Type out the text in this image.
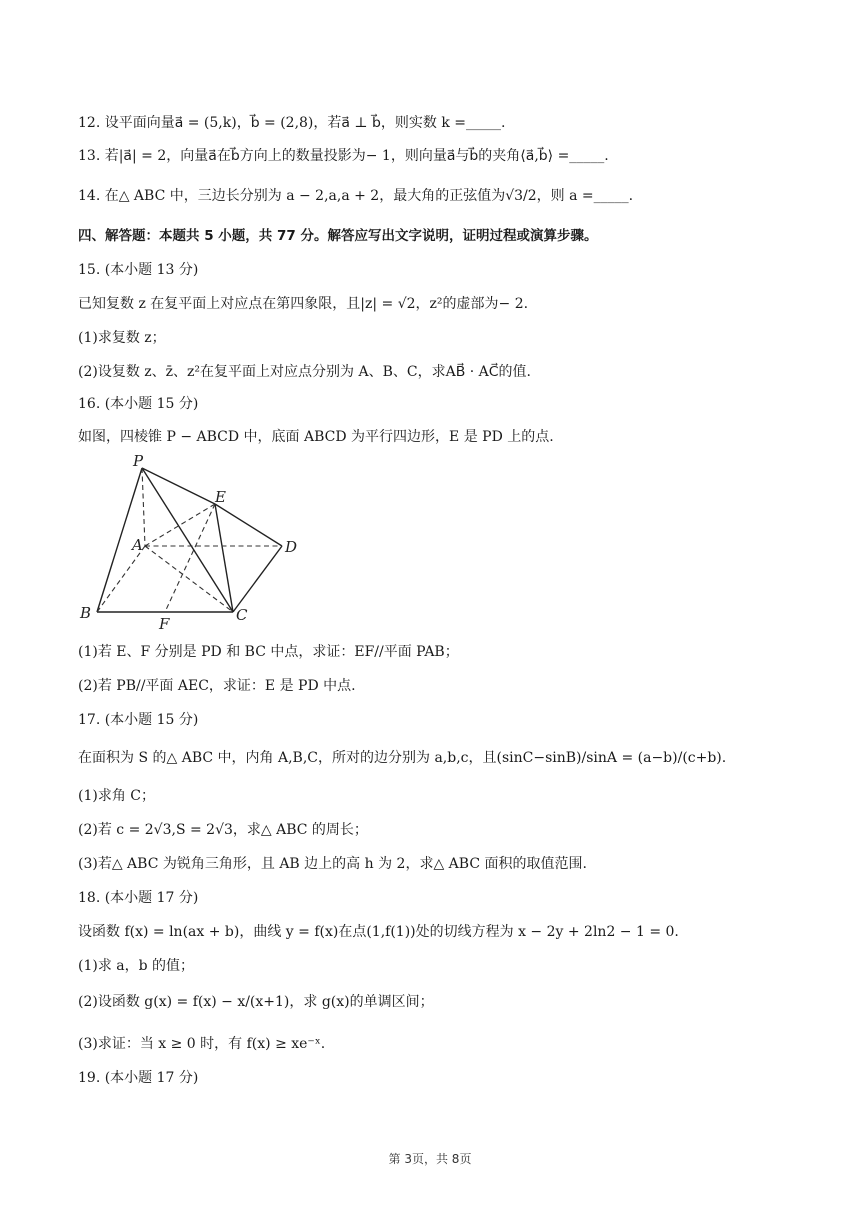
12. 设平面向量a⃗ = (5,k)，b⃗ = (2,8)，若a⃗ ⊥ b⃗，则实数 k =_____.
13. 若|a⃗| = 2，向量a⃗在b⃗方向上的数量投影为− 1，则向量a⃗与b⃗的夹角⟨a⃗,b⃗⟩ =_____.
14. 在△ ABC 中，三边长分别为 a − 2,a,a + 2，最大角的正弦值为√3/2，则 a =_____.
四、解答题：本题共 5 小题，共 77 分。解答应写出文字说明，证明过程或演算步骤。
15. (本小题 13 分)
已知复数 z 在复平面上对应点在第四象限，且|z| = √2，z²的虚部为− 2.
(1)求复数 z；
(2)设复数 z、z̄、z²在复平面上对应点分别为 A、B、C，求AB⃗ · AC⃗的值.
16. (本小题 15 分)
如图，四棱锥 P − ABCD 中，底面 ABCD 为平行四边形，E 是 PD 上的点.
(1)若 E、F 分别是 PD 和 BC 中点，求证：EF//平面 PAB；
(2)若 PB//平面 AEC，求证：E 是 PD 中点.
17. (本小题 15 分)
在面积为 S 的△ ABC 中，内角 A,B,C，所对的边分别为 a,b,c，且(sinC−sinB)/sinA = (a−b)/(c+b).
(1)求角 C；
(2)若 c = 2√3,S = 2√3，求△ ABC 的周长；
(3)若△ ABC 为锐角三角形，且 AB 边上的高 h 为 2，求△ ABC 面积的取值范围.
18. (本小题 17 分)
设函数 f(x) = ln(ax + b)，曲线 y = f(x)在点(1,f(1))处的切线方程为 x − 2y + 2ln2 − 1 = 0.
(1)求 a，b 的值；
(2)设函数 g(x) = f(x) − x/(x+1)，求 g(x)的单调区间；
(3)求证：当 x ≥ 0 时，有 f(x) ≥ xe⁻ˣ.
19. (本小题 17 分)
P
E
A	D
B	C
F
第 3页，共 8页
